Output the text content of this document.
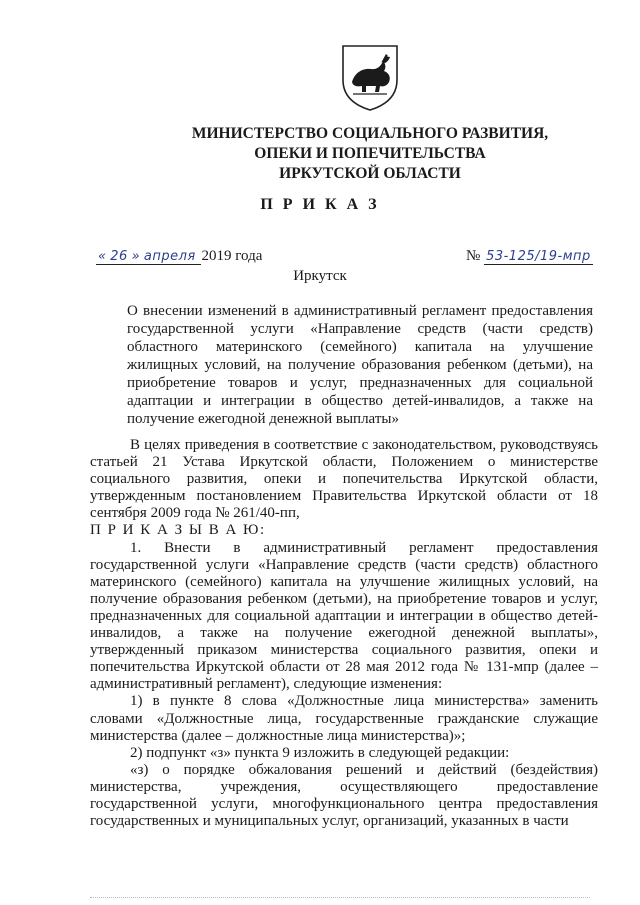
МИНИСТЕРСТВО СОЦИАЛЬНОГО РАЗВИТИЯ,
ОПЕКИ И ПОПЕЧИТЕЛЬСТВА
ИРКУТСКОЙ ОБЛАСТИ
П Р И К А З
« 26 » апреля 2019 года	№ 53-125/19-мпр
Иркутск
О внесении изменений в административный регламент предоставления государственной услуги «Направление средств (части средств) областного материнского (семейного) капитала на улучшение жилищных условий, на получение образования ребенком (детьми), на приобретение товаров и услуг, предназначенных для социальной адаптации и интеграции в общество детей-инвалидов, а также на получение ежегодной денежной выплаты»

В целях приведения в соответствие с законодательством, руководствуясь статьей 21 Устава Иркутской области, Положением о министерстве социального развития, опеки и попечительства Иркутской области, утвержденным постановлением Правительства Иркутской области от 18 сентября 2009 года № 261/40-пп,

П Р И К А З Ы В А Ю:

1. Внести в административный регламент предоставления государственной услуги «Направление средств (части средств) областного материнского (семейного) капитала на улучшение жилищных условий, на получение образования ребенком (детьми), на приобретение товаров и услуг, предназначенных для социальной адаптации и интеграции в общество детей-инвалидов, а также на получение ежегодной денежной выплаты», утвержденный приказом министерства социального развития, опеки и попечительства Иркутской области от 28 мая 2012 года № 131-мпр (далее – административный регламент), следующие изменения:

1) в пункте 8 слова «Должностные лица министерства» заменить словами «Должностные лица, государственные гражданские служащие министерства (далее – должностные лица министерства)»;

2) подпункт «з» пункта 9 изложить в следующей редакции:

«з) о порядке обжалования решений и действий (бездействия) министерства, учреждения, осуществляющего предоставление государственной услуги, многофункционального центра предоставления государственных и муниципальных услуг, организаций, указанных в части
